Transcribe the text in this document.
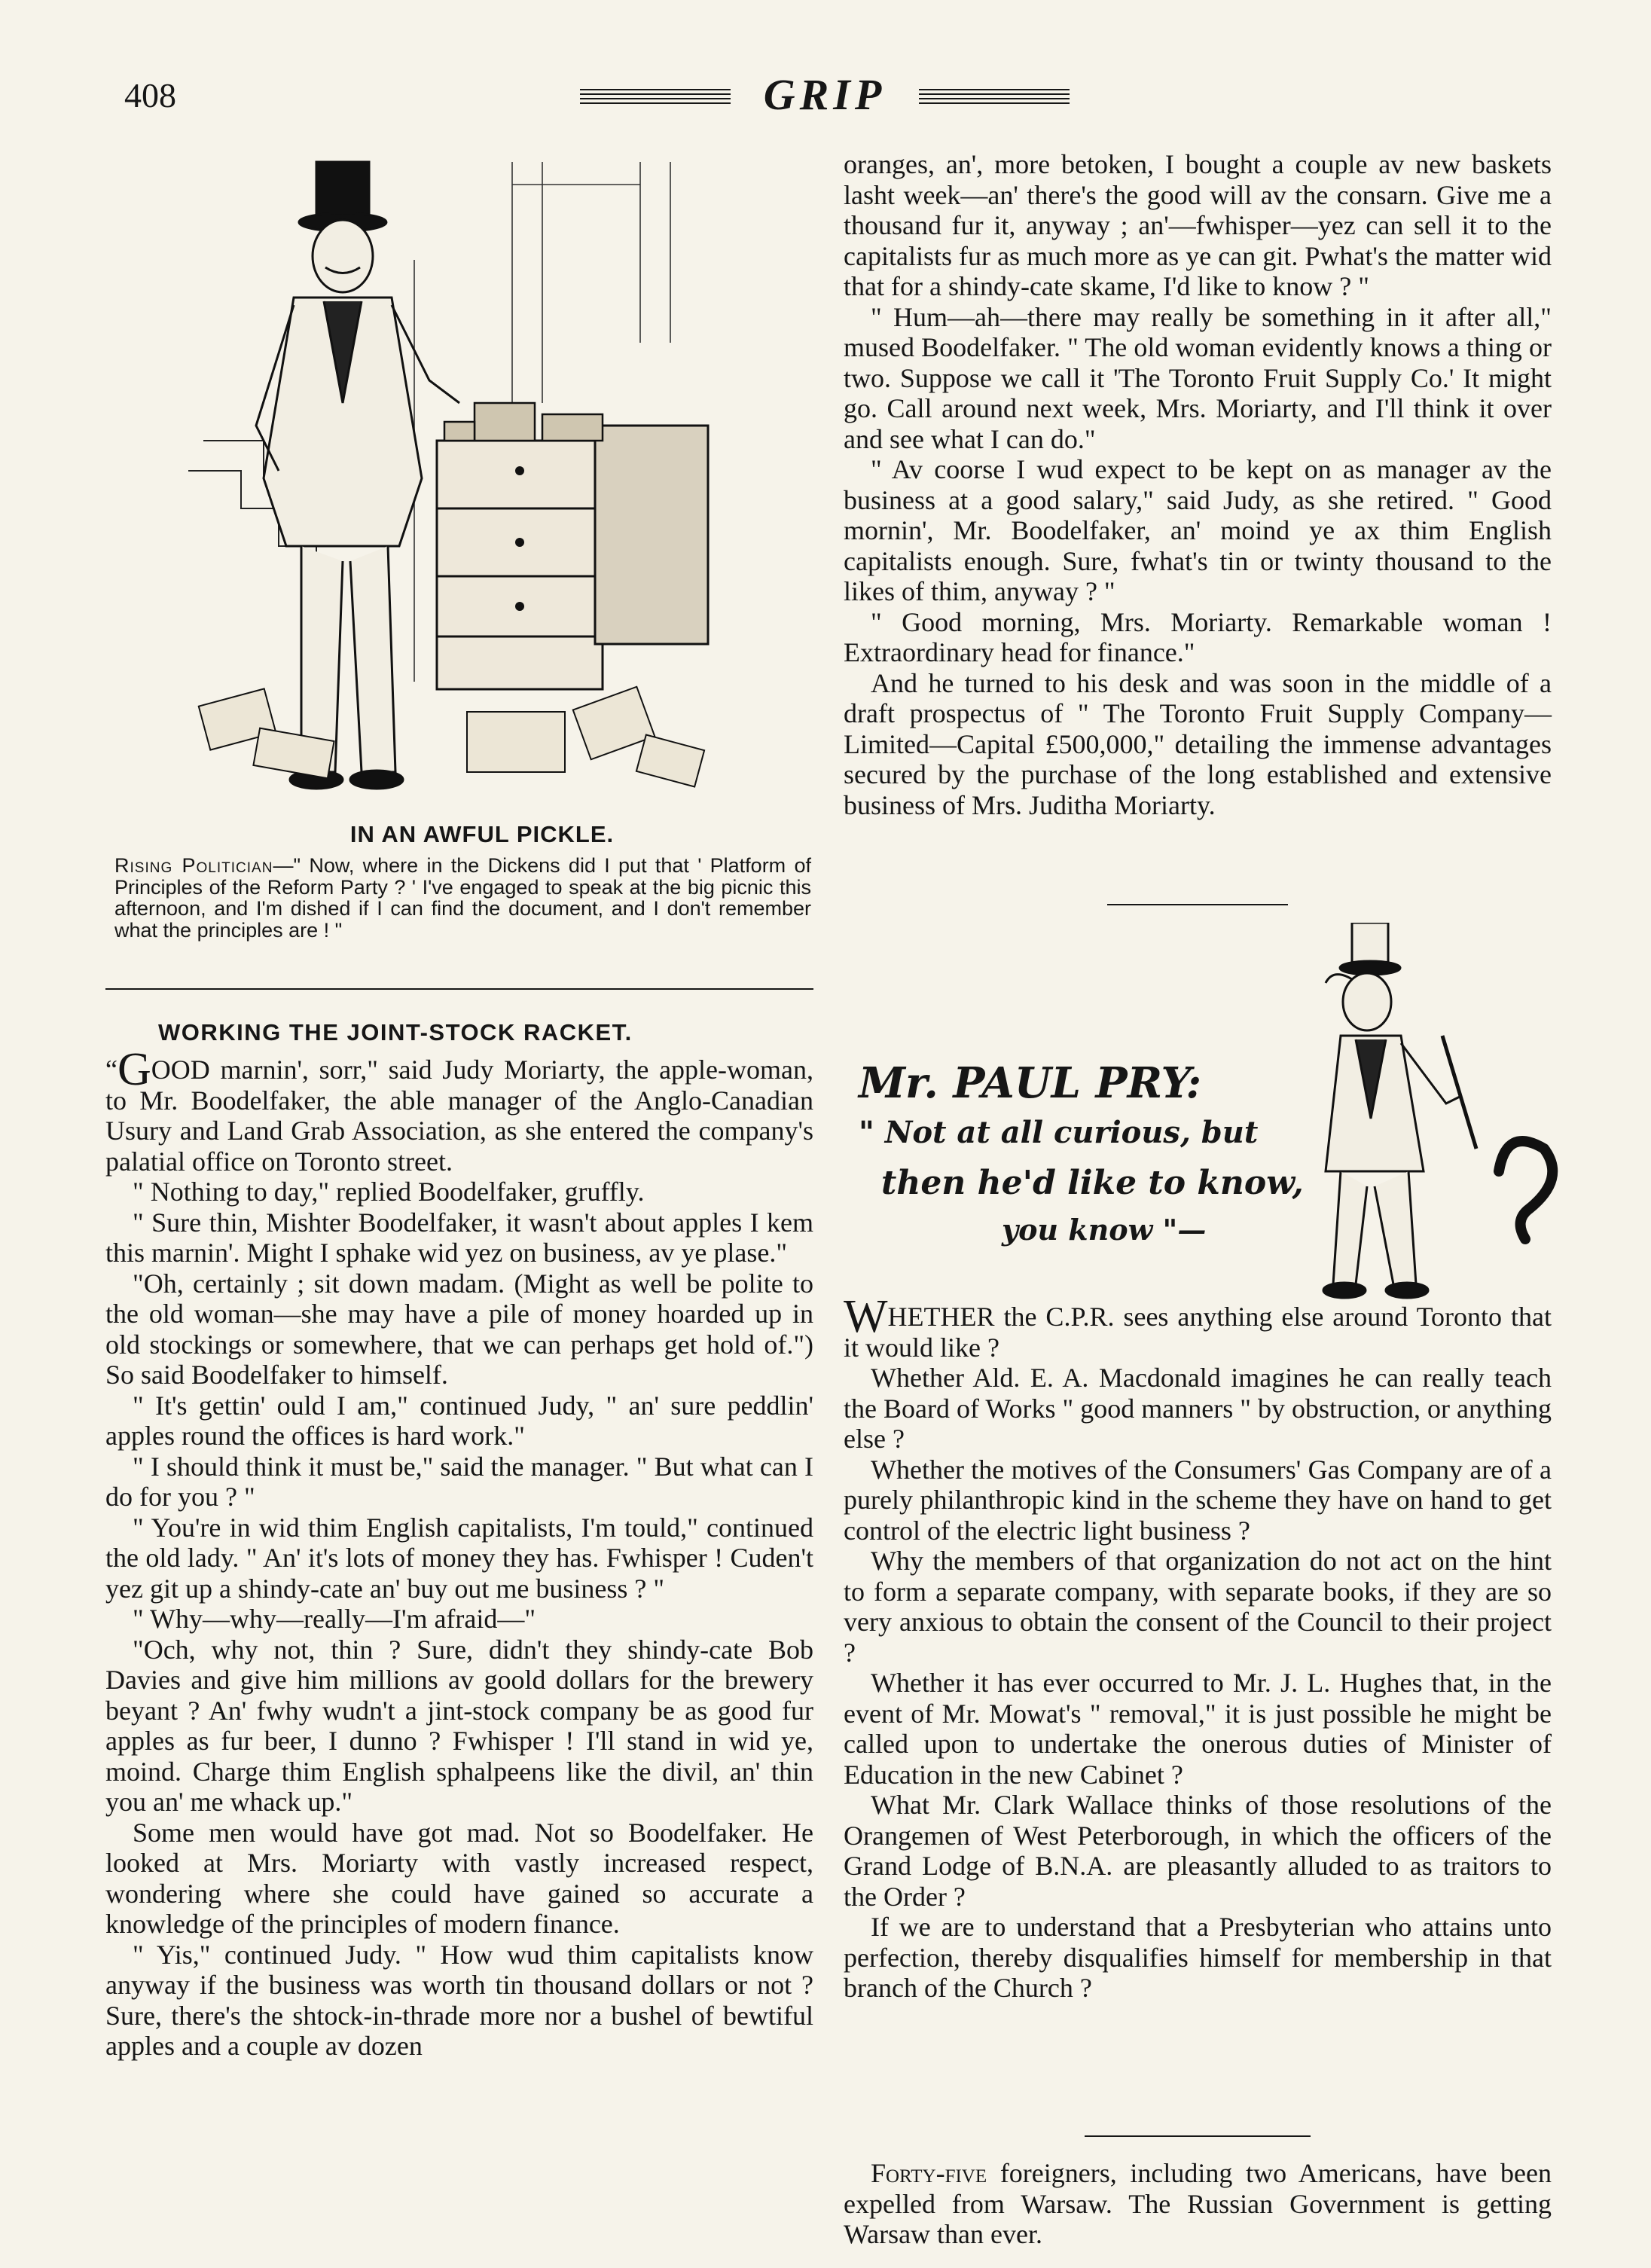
408	GRIP
IN AN AWFUL PICKLE.
Rising Politician—" Now, where in the Dickens did I put that ' Platform of Principles of the Reform Party ? ' I've engaged to speak at the big picnic this afternoon, and I'm dished if I can find the document, and I don't remember what the principles are ! "
WORKING THE JOINT-STOCK RACKET.

“GOOD marnin', sorr," said Judy Moriarty, the apple-woman, to Mr. Boodelfaker, the able manager of the Anglo-Canadian Usury and Land Grab Association, as she entered the company's palatial office on Toronto street.

" Nothing to day," replied Boodelfaker, gruffly.

" Sure thin, Mishter Boodelfaker, it wasn't about apples I kem this marnin'. Might I sphake wid yez on business, av ye plase."

"Oh, certainly ; sit down madam. (Might as well be polite to the old woman—she may have a pile of money hoarded up in old stockings or somewhere, that we can perhaps get hold of.") So said Boodelfaker to himself.

" It's gettin' ould I am," continued Judy, " an' sure peddlin' apples round the offices is hard work."

" I should think it must be," said the manager. " But what can I do for you ? "

" You're in wid thim English capitalists, I'm tould," continued the old lady. " An' it's lots of money they has. Fwhisper ! Cuden't yez git up a shindy-cate an' buy out me business ? "

" Why—why—really—I'm afraid—"

"Och, why not, thin ? Sure, didn't they shindy-cate Bob Davies and give him millions av goold dollars for the brewery beyant ? An' fwhy wudn't a jint-stock company be as good fur apples as fur beer, I dunno ? Fwhisper ! I'll stand in wid ye, moind. Charge thim English sphalpeens like the divil, an' thin you an' me whack up."

Some men would have got mad. Not so Boodelfaker. He looked at Mrs. Moriarty with vastly increased respect, wondering where she could have gained so accurate a knowledge of the principles of modern finance.

" Yis," continued Judy. " How wud thim capitalists know anyway if the business was worth tin thousand dollars or not ? Sure, there's the shtock-in-thrade more nor a bushel of bewtiful apples and a couple av dozen

oranges, an', more betoken, I bought a couple av new baskets lasht week—an' there's the good will av the consarn. Give me a thousand fur it, anyway ; an'—fwhisper—yez can sell it to the capitalists fur as much more as ye can git. Pwhat's the matter wid that for a shindy-cate skame, I'd like to know ? "

" Hum—ah—there may really be something in it after all," mused Boodelfaker. " The old woman evidently knows a thing or two. Suppose we call it 'The Toronto Fruit Supply Co.' It might go. Call around next week, Mrs. Moriarty, and I'll think it over and see what I can do."

" Av coorse I wud expect to be kept on as manager av the business at a good salary," said Judy, as she retired. " Good mornin', Mr. Boodelfaker, an' moind ye ax thim English capitalists enough. Sure, fwhat's tin or twinty thousand to the likes of thim, anyway ? "

" Good morning, Mrs. Moriarty. Remarkable woman ! Extraordinary head for finance."

And he turned to his desk and was soon in the middle of a draft prospectus of " The Toronto Fruit Supply Company—Limited—Capital £500,000," detailing the immense advantages secured by the purchase of the long established and extensive business of Mrs. Juditha Moriarty.

Mr. PAUL PRY:
" Not at all curious, but
then he'd like to know,
you know "—

WHETHER the C.P.R. sees anything else around Toronto that it would like ?

Whether Ald. E. A. Macdonald imagines he can really teach the Board of Works " good manners " by obstruction, or anything else ?

Whether the motives of the Consumers' Gas Company are of a purely philanthropic kind in the scheme they have on hand to get control of the electric light business ?

Why the members of that organization do not act on the hint to form a separate company, with separate books, if they are so very anxious to obtain the consent of the Council to their project ?

Whether it has ever occurred to Mr. J. L. Hughes that, in the event of Mr. Mowat's " removal," it is just possible he might be called upon to undertake the onerous duties of Minister of Education in the new Cabinet ?

What Mr. Clark Wallace thinks of those resolutions of the Orangemen of West Peterborough, in which the officers of the Grand Lodge of B.N.A. are pleasantly alluded to as traitors to the Order ?

If we are to understand that a Presbyterian who attains unto perfection, thereby disqualifies himself for membership in that branch of the Church ?

Forty-five foreigners, including two Americans, have been expelled from Warsaw. The Russian Government is getting Warsaw than ever.
